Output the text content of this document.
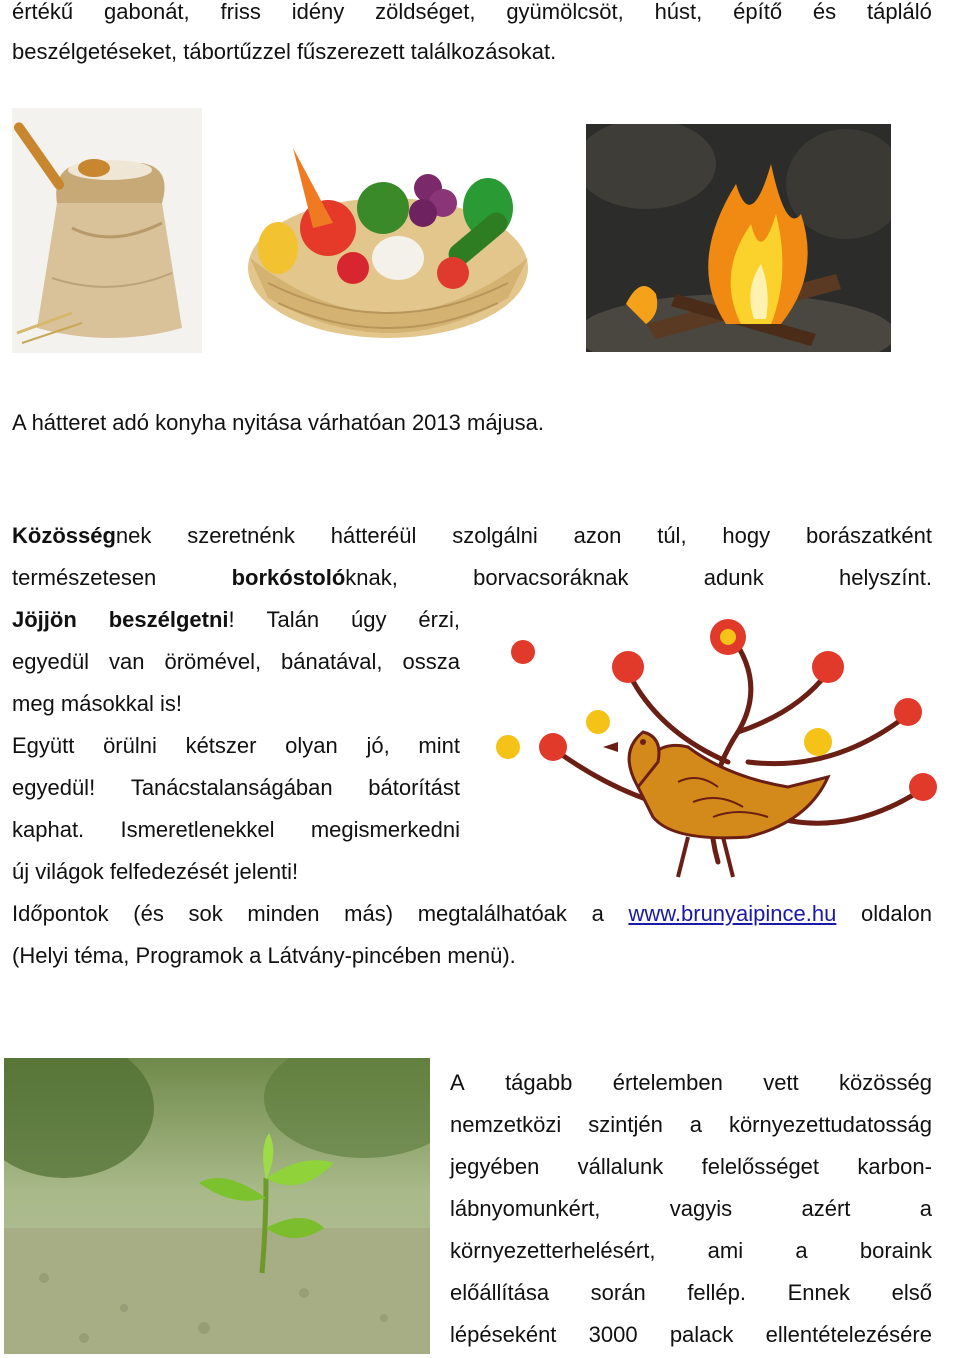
értékű gabonát, friss idény zöldséget, gyümölcsöt, húst, építő és tápláló
beszélgetéseket, tábortűzzel fűszerezett találkozásokat.
A hátteret adó konyha nyitása várhatóan 2013 májusa.
Közösségnek szeretnénk hátteréül szolgálni azon túl, hogy borászatként
természetesen	borkóstolóknak,	borvacsoráknak	adunk	helyszínt.
Jöjjön beszélgetni! Talán úgy érzi,
egyedül van örömével, bánatával, ossza
meg másokkal is!
Együtt örülni kétszer olyan jó, mint
egyedül! Tanácstalanságában bátorítást
kaphat. Ismeretlenekkel megismerkedni
új világok felfedezését jelenti!
Időpontok (és sok minden más) megtalálhatóak a www.brunyaipince.hu oldalon
(Helyi téma, Programok a Látvány-pincében menü).
A tágabb értelemben vett közösség
nemzetközi szintjén a környezettudatosság
jegyében vállalunk felelősséget karbon-
lábnyomunkért,	vagyis	azért	a
környezetterhelésért, ami a boraink
előállítása során fellép. Ennek első
lépéseként 3000 palack ellentételezésére
